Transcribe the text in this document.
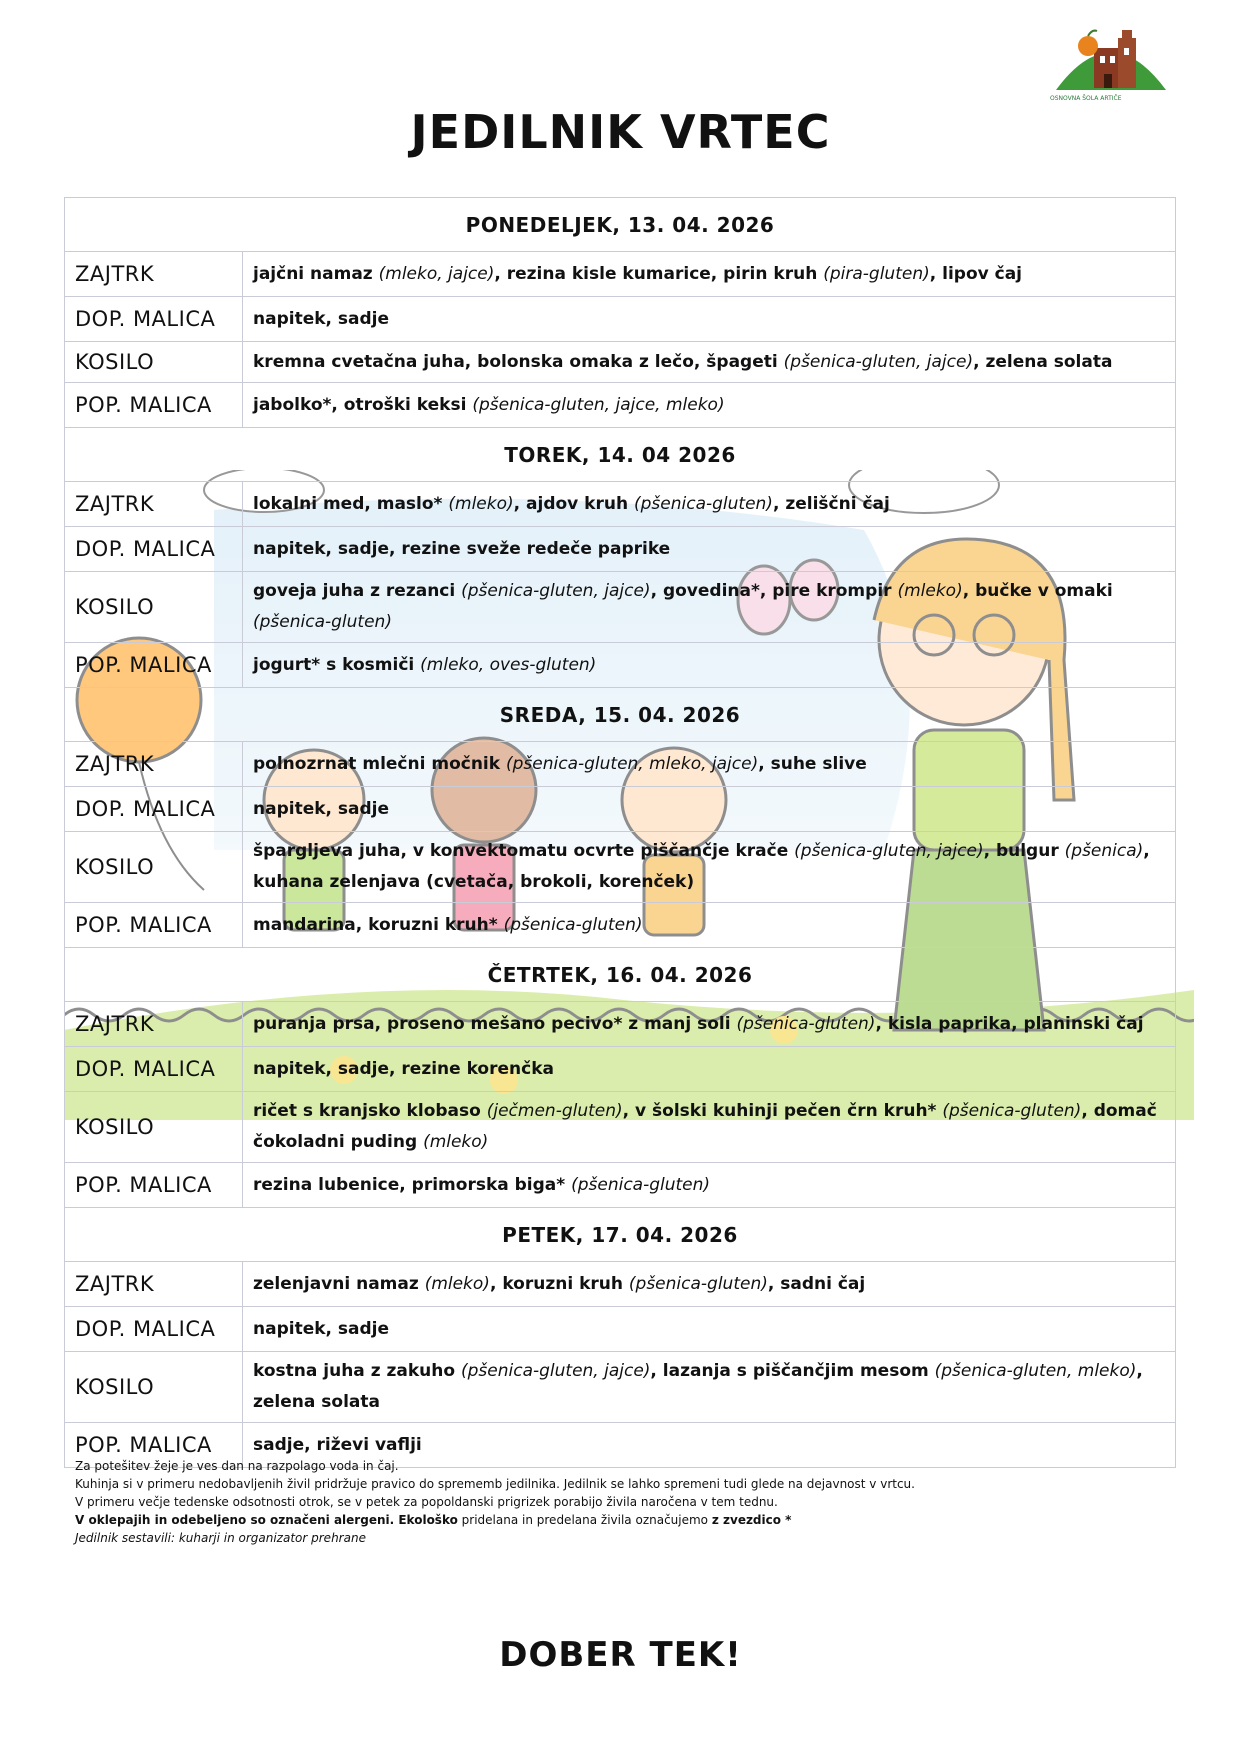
OSNOVNA ŠOLA ARTIČE
JEDILNIK VRTEC
PONEDELJEK, 13. 04. 2026	
ZAJTRK	jajčni namaz (mleko, jajce), rezina kisle kumarice, pirin kruh (pira-gluten), lipov čaj
DOP. MALICA	napitek, sadje
KOSILO	kremna cvetačna juha, bolonska omaka z lečo, špageti (pšenica-gluten, jajce), zelena solata
POP. MALICA	jabolko*, otroški keksi (pšenica-gluten, jajce, mleko)
TOREK, 14. 04 2026	
ZAJTRK	lokalni med, maslo* (mleko), ajdov kruh (pšenica-gluten), zeliščni čaj
DOP. MALICA	napitek, sadje, rezine sveže redeče paprike
KOSILO	goveja juha z rezanci (pšenica-gluten, jajce), govedina*, pire krompir (mleko), bučke v omaki (pšenica-gluten)
POP. MALICA	jogurt* s kosmiči (mleko, oves-gluten)
SREDA, 15. 04. 2026	
ZAJTRK	polnozrnat mlečni močnik (pšenica-gluten, mleko, jajce), suhe slive
DOP. MALICA	napitek, sadje
KOSILO	špargljeva juha, v konvektomatu ocvrte piščančje krače (pšenica-gluten, jajce), bulgur (pšenica), kuhana zelenjava (cvetača, brokoli, korenček)
POP. MALICA	mandarina, koruzni kruh* (pšenica-gluten)
ČETRTEK, 16. 04. 2026	
ZAJTRK	puranja prsa, proseno mešano pecivo* z manj soli (pšenica-gluten), kisla paprika, planinski čaj
DOP. MALICA	napitek, sadje, rezine korenčka
KOSILO	ričet s kranjsko klobaso (ječmen-gluten), v šolski kuhinji pečen črn kruh* (pšenica-gluten), domač čokoladni puding (mleko)
POP. MALICA	rezina lubenice, primorska biga* (pšenica-gluten)
PETEK, 17. 04. 2026	
ZAJTRK	zelenjavni namaz (mleko), koruzni kruh (pšenica-gluten), sadni čaj
DOP. MALICA	napitek, sadje
KOSILO	kostna juha z zakuho (pšenica-gluten, jajce), lazanja s piščančjim mesom (pšenica-gluten, mleko), zelena solata
POP. MALICA	sadje, riževi vaflji
Za potešitev žeje je ves dan na razpolago voda in čaj.
Kuhinja si v primeru nedobavljenih živil pridržuje pravico do sprememb jedilnika. Jedilnik se lahko spremeni tudi glede na dejavnost v vrtcu.
V primeru večje tedenske odsotnosti otrok, se v petek za popoldanski prigrizek porabijo živila naročena v tem tednu.
V oklepajih in odebeljeno so označeni alergeni. Ekološko pridelana in predelana živila označujemo z zvezdico *
Jedilnik sestavili: kuharji in organizator prehrane
DOBER TEK!
